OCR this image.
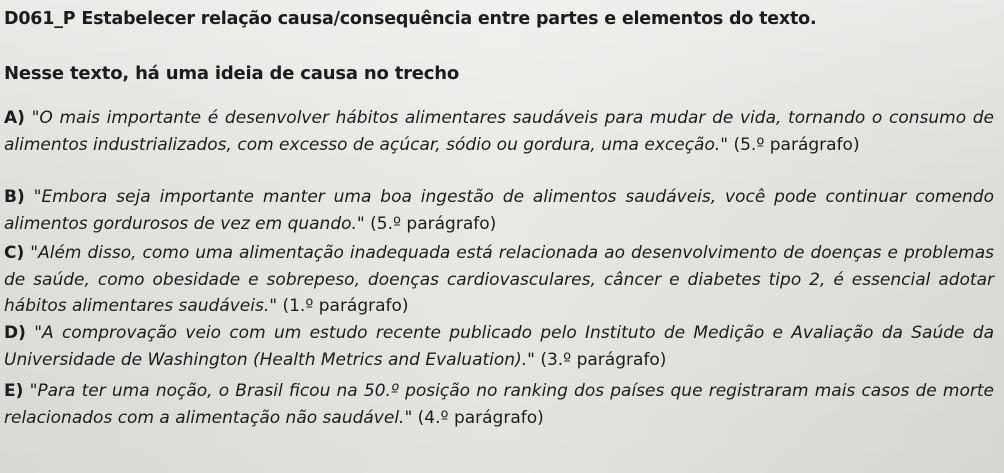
D061_P Estabelecer relação causa/consequência entre partes e elementos do texto.
Nesse texto, há uma ideia de causa no trecho
A) "O mais importante é desenvolver hábitos alimentares saudáveis para mudar de vida, tornando o consumo de alimentos industrializados, com excesso de açúcar, sódio ou gordura, uma exceção." (5.º parágrafo)
B) "Embora seja importante manter uma boa ingestão de alimentos saudáveis, você pode continuar comendo alimentos gordurosos de vez em quando." (5.º parágrafo)
C) "Além disso, como uma alimentação inadequada está relacionada ao desenvolvimento de doenças e problemas de saúde, como obesidade e sobrepeso, doenças cardiovasculares, câncer e diabetes tipo 2, é essencial adotar hábitos alimentares saudáveis." (1.º parágrafo)
D) "A comprovação veio com um estudo recente publicado pelo Instituto de Medição e Avaliação da Saúde da Universidade de Washington (Health Metrics and Evaluation)." (3.º parágrafo)
E) "Para ter uma noção, o Brasil ficou na 50.º posição no ranking dos países que registraram mais casos de morte relacionados com a alimentação não saudável." (4.º parágrafo)
